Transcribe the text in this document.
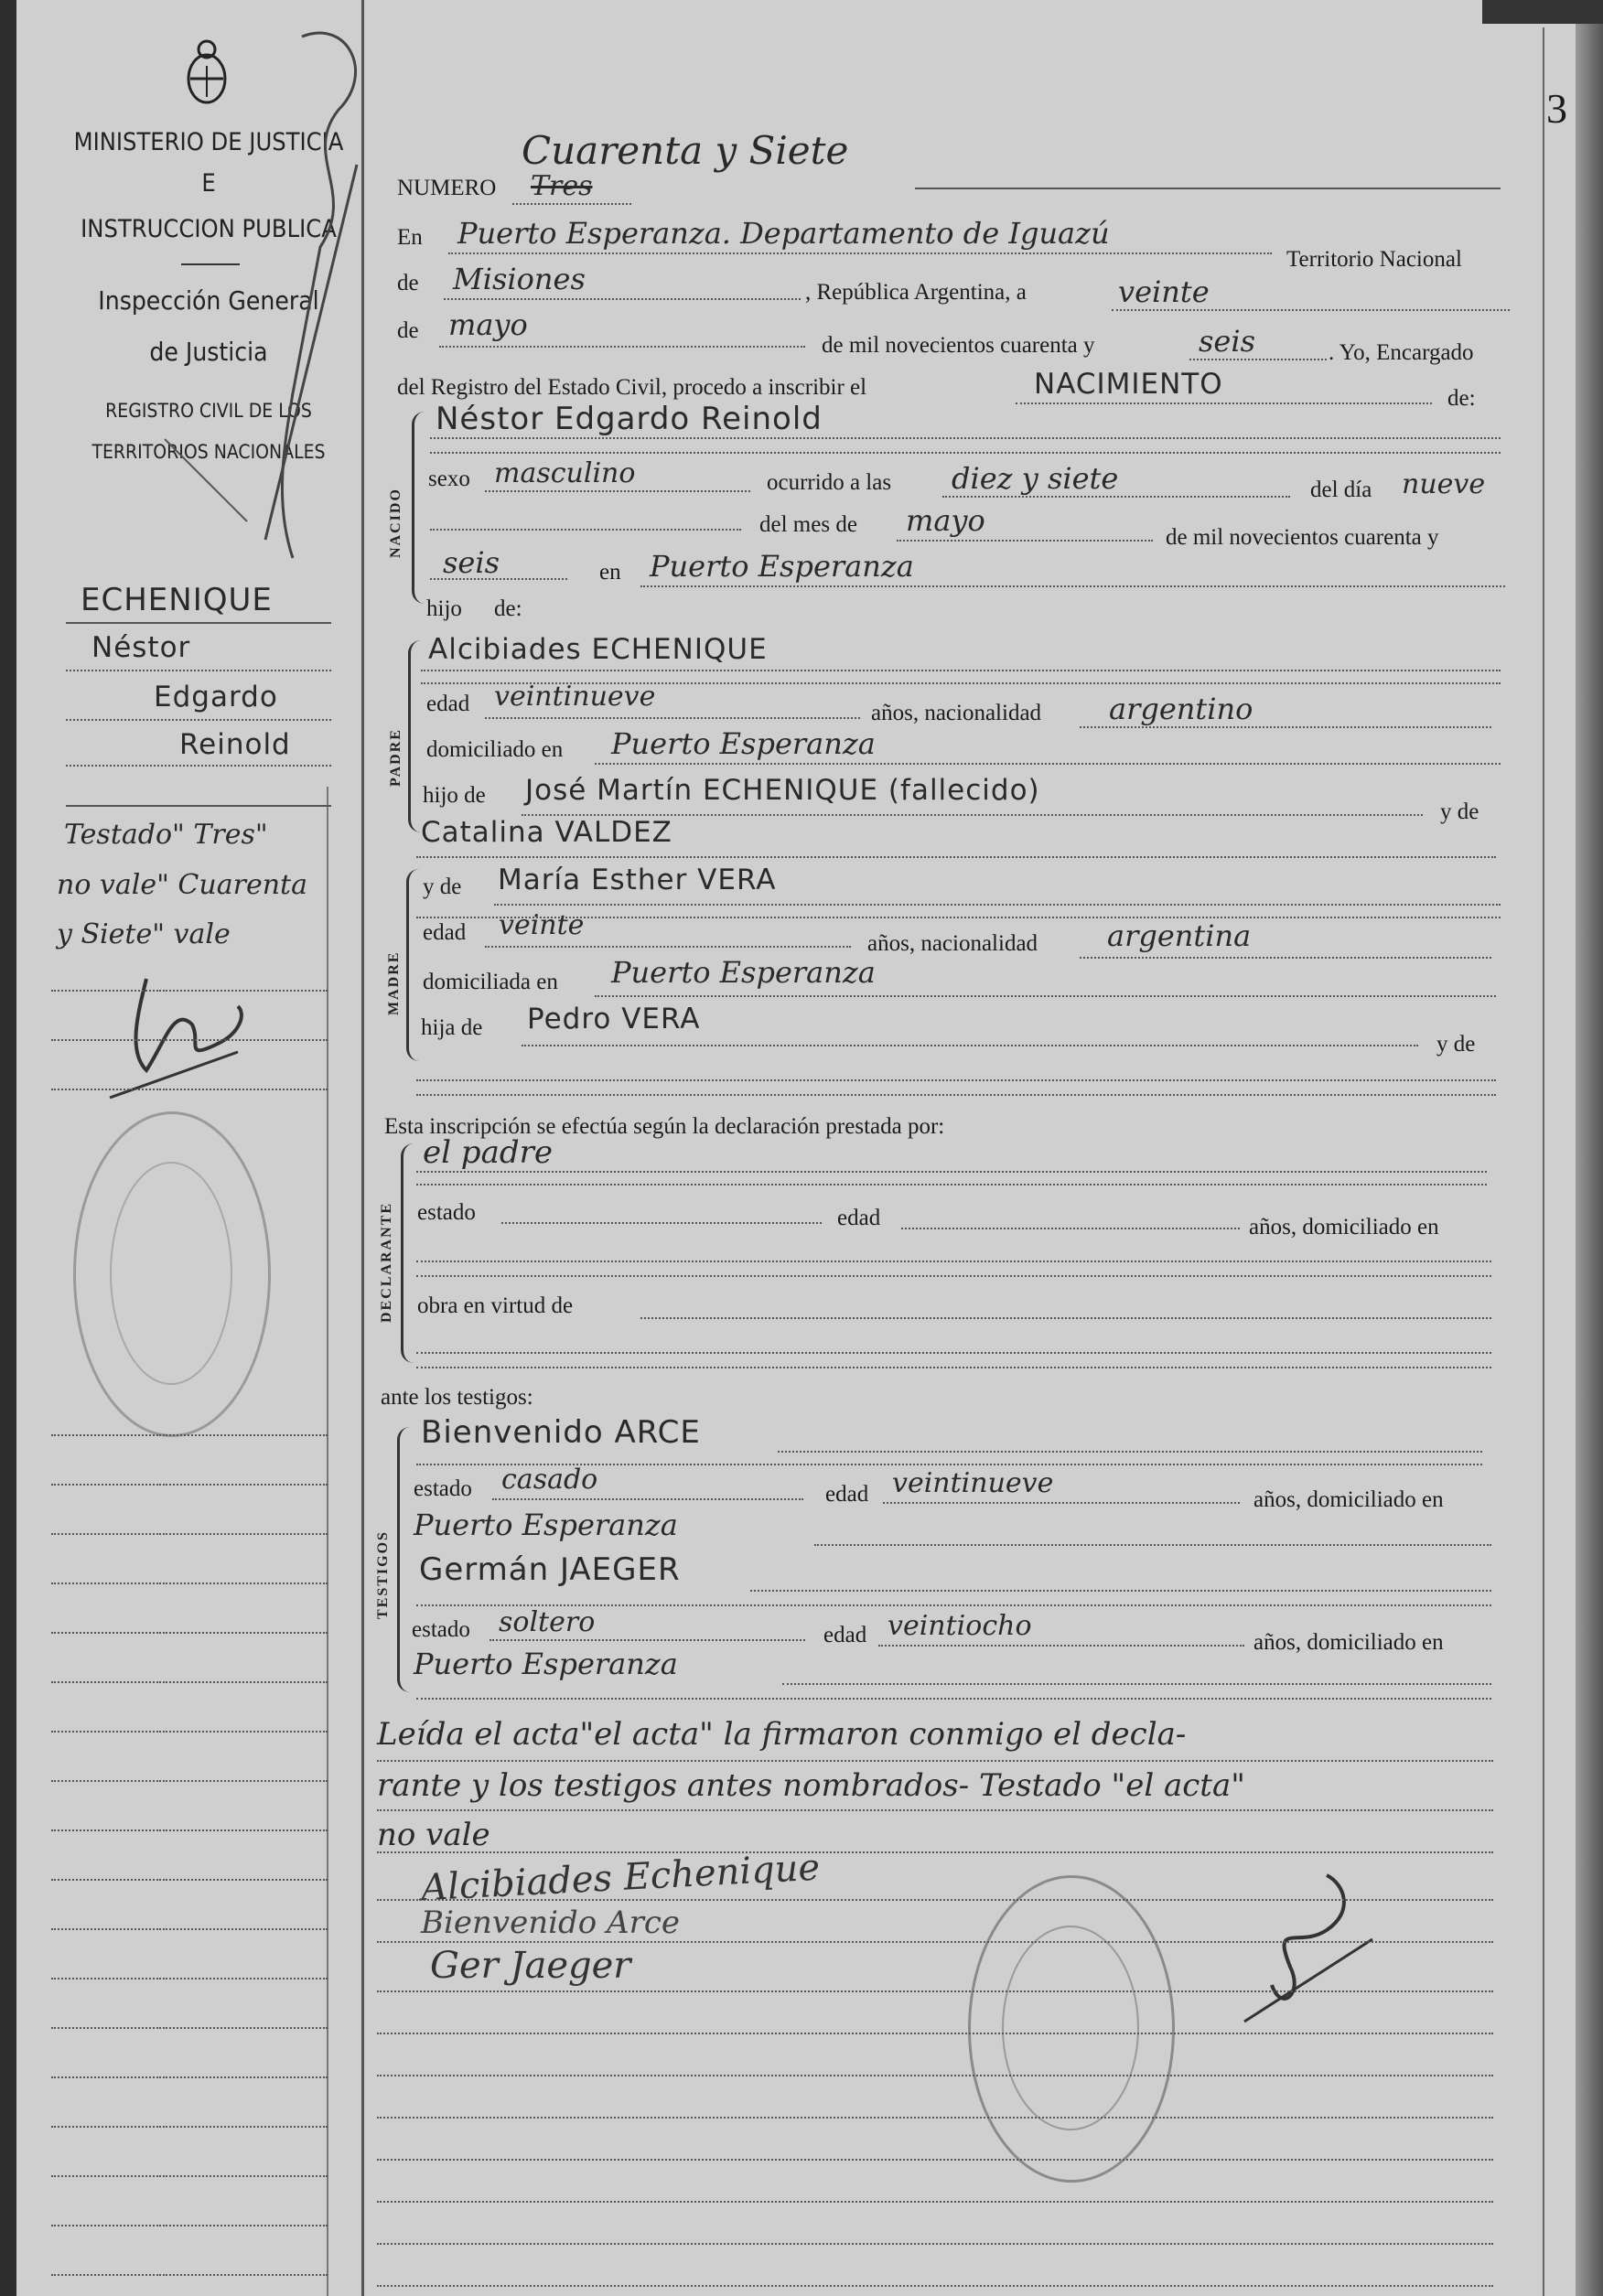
3
MINISTERIO DE JUSTICIA
E
INSTRUCCION PUBLICA
Inspección General
de Justicia
REGISTRO CIVIL DE LOS
TERRITORIOS NACIONALES
ECHENIQUE
Néstor
Edgardo
Reinold
Testado" Tres"
no vale" Cuarenta
y Siete" vale
Cuarenta y Siete
NUMERO Tres
En Puerto Esperanza. Departamento de Iguazú
Territorio Nacional
de Misiones	, República Argentina, a	veinte
de mayo
de mil novecientos cuarenta y	seis	. Yo, Encargado
del Registro del Estado Civil, procedo a inscribir el	NACIMIENTO	de:
NACIDO
Néstor Edgardo Reinold
sexo masculino	ocurrido a las diez y siete	del día nueve
del mes de mayo	de mil novecientos cuarenta y
seis	en Puerto Esperanza
hijo de:
PADRE
Alcibiades ECHENIQUE
edad veintinueve
años, nacionalidad argentino
domiciliado en Puerto Esperanza
hijo de José Martín ECHENIQUE (fallecido)
y de
Catalina VALDEZ
MADRE
y de María Esther VERA
edad veinte
años, nacionalidad argentina
domiciliada en Puerto Esperanza
hija de Pedro VERA
y de
Esta inscripción se efectúa según la declaración prestada por:
DECLARANTE
el padre
estado	edad	años, domiciliado en
obra en virtud de
ante los testigos:
TESTIGOS
Bienvenido ARCE
estado casado	edad veintinueve
años, domiciliado en
Puerto Esperanza
Germán JAEGER
estado soltero	edad veintiocho
años, domiciliado en
Puerto Esperanza
Leída el acta"el acta" la firmaron conmigo el decla-
rante y los testigos antes nombrados- Testado "el acta"
no vale
Alcibiades Echenique
Bienvenido Arce
Ger Jaeger
